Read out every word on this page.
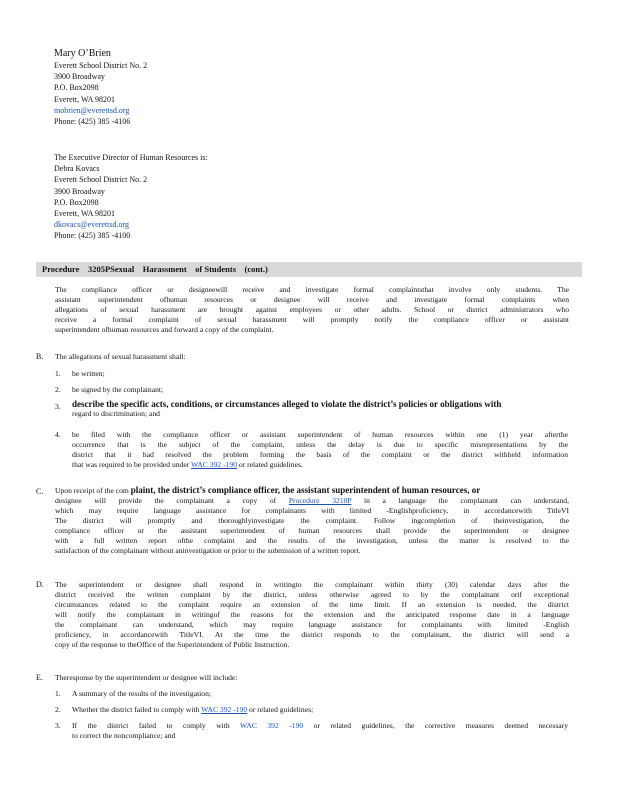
Mary O’Brien
Everett School District No. 2
3900 Broadway
P.O. Box2098
Everett, WA 98201
mobrien@everettsd.org
Phone: (425) 385 -4106
The Executive Director of Human Resources is:
Debra Kovacs
Everett School District No. 2
3900 Broadway
P.O. Box2098
Everett, WA 98201
dkovacs@everettsd.org
Phone: (425) 385 -4100
Procedure    3205PSexual    Harassment    of Students    (cont.)
The compliance officer or designeewill receive and investigate formal complaintsthat involve only students. The
assistant superintendent ofhuman resources or designee will receive and investigate formal complaints when
allegations of sexual harassment are brought against employees or other adults. School or district administrators who
receive a formal complaint of sexual harassment will promptly notify the compliance officer or assistant
superintendent ofhuman resources and forward a copy of the complaint.
B. The allegations of sexual harassment shall:
1. be written;
2. be signed by the complainant;
3. describe the specific acts, conditions, or circumstances alleged to violate the district’s policies or obligations with
regard to discrimination; and
4. be filed with the compliance officer or assistant superintendent of human resources within one (1) year afterthe
occurrence that is the subject of the complaint, unless the delay is due to specific misrepresentations by the
district that it had resolved the problem forming the basis of the complaint or the district withheld information
that was required to be provided under WAC 392 -190 or related guidelines.
C. Upon receipt of the com plaint, the district’s compliance officer, the assistant superintendent of human resources, or
designee will provide the complainant a copy of Procedure 3210P in a language the complainant can understand,
which may require language assistance for complainants with limited -Englishproficiency, in accordancewith TitleVI
The district will promptly and thoroughlyinvestigate the complaint. Follow ingcompletion of theinvestigation, the
compliance officer or the assistant superintendent of human resources shall provide the superintendent or designee
with a full written report ofthe complaint and the results of the investigation, unless the matter is resolved to the
satisfaction of the complainant without aninvestigation or prior to the submission of a written report.
D. The superintendent or designee shall respond in writingto the complainant within thirty (30) calendar days after the
district received the written complaint by the district, unless otherwise agreed to by the complainant orif exceptional
circumstances related to the complaint require an extension of the time limit. If an extension is needed, the district
will notify the complainant in writingof the reasons for the extension and the anticipated response date in a language
the complainant can understand, which may require language assistance for complainants with limited -English
proficiency, in accordancewith TitleVI. At the time the district responds to the complainant, the district will send a
copy of the response to theOffice of the Superintendent of Public Instruction.
E. Theresponse by the superintendent or designee will include:
1. A summary of the results of the investigation;
2. Whether the district failed to comply with WAC 392 -190 or related guidelines;
3. If the district failed to comply with WAC 392 -190 or related guidelines, the corrective measures deemed necessary
to correct the noncompliance; and
